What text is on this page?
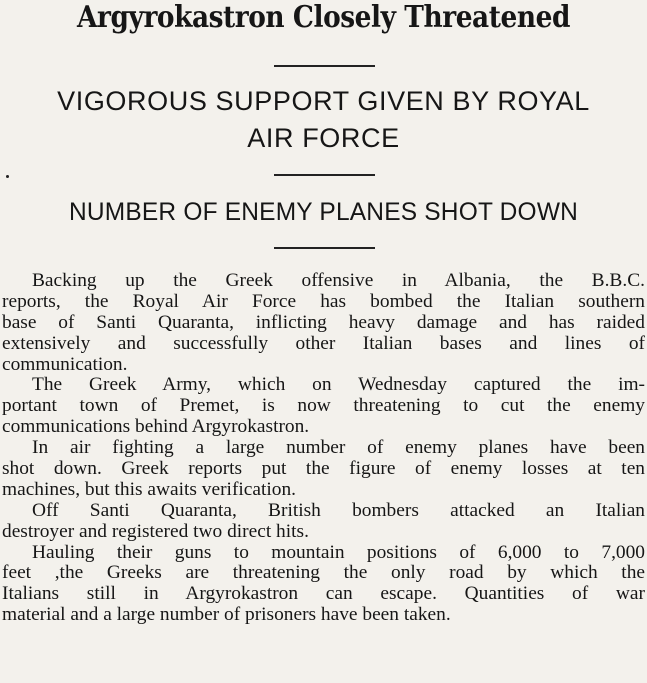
Argyrokastron Closely Threatened
VIGOROUS SUPPORT GIVEN BY ROYAL
AIR FORCE
NUMBER OF ENEMY PLANES SHOT DOWN
Backing up the Greek offensive in Albania, the B.B.C.
reports, the Royal Air Force has bombed the Italian southern
base of Santi Quaranta, inflicting heavy damage and has raided
extensively and successfully other Italian bases and lines of
communication.
The Greek Army, which on Wednesday captured the im-
portant town of Premet, is now threatening to cut the enemy
communications behind Argyrokastron.
In air fighting a large number of enemy planes have been
shot down. Greek reports put the figure of enemy losses at ten
machines, but this awaits verification.
Off Santi Quaranta, British bombers attacked an Italian
destroyer and registered two direct hits.
Hauling their guns to mountain positions of 6,000 to 7,000
feet ,the Greeks are threatening the only road by which the
Italians still in Argyrokastron can escape. Quantities of war
material and a large number of prisoners have been taken.
